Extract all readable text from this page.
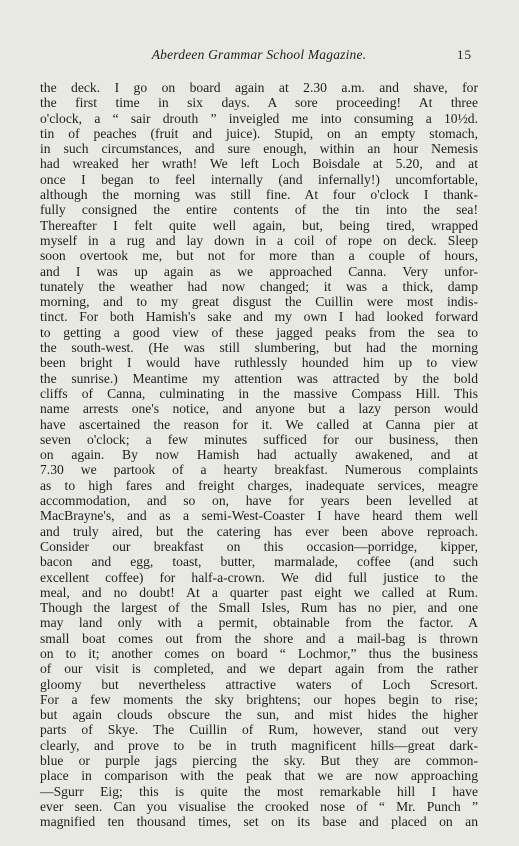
Aberdeen Grammar School Magazine.	15
the deck. I go on board again at 2.30 a.m. and shave, for
the first time in six days. A sore proceeding! At three
o'clock, a “ sair drouth ” inveigled me into consuming a 10½d.
tin of peaches (fruit and juice). Stupid, on an empty stomach,
in such circumstances, and sure enough, within an hour Nemesis
had wreaked her wrath! We left Loch Boisdale at 5.20, and at
once I began to feel internally (and infernally!) uncomfortable,
although the morning was still fine. At four o'clock I thank-
fully consigned the entire contents of the tin into the sea!
Thereafter I felt quite well again, but, being tired, wrapped
myself in a rug and lay down in a coil of rope on deck. Sleep
soon overtook me, but not for more than a couple of hours,
and I was up again as we approached Canna. Very unfor-
tunately the weather had now changed; it was a thick, damp
morning, and to my great disgust the Cuillin were most indis-
tinct. For both Hamish's sake and my own I had looked forward
to getting a good view of these jagged peaks from the sea to
the south-west. (He was still slumbering, but had the morning
been bright I would have ruthlessly hounded him up to view
the sunrise.) Meantime my attention was attracted by the bold
cliffs of Canna, culminating in the massive Compass Hill. This
name arrests one's notice, and anyone but a lazy person would
have ascertained the reason for it. We called at Canna pier at
seven o'clock; a few minutes sufficed for our business, then
on again. By now Hamish had actually awakened, and at
7.30 we partook of a hearty breakfast. Numerous complaints
as to high fares and freight charges, inadequate services, meagre
accommodation, and so on, have for years been levelled at
MacBrayne's, and as a semi-West-Coaster I have heard them well
and truly aired, but the catering has ever been above reproach.
Consider our breakfast on this occasion—porridge, kipper,
bacon and egg, toast, butter, marmalade, coffee (and such
excellent coffee) for half-a-crown. We did full justice to the
meal, and no doubt! At a quarter past eight we called at Rum.
Though the largest of the Small Isles, Rum has no pier, and one
may land only with a permit, obtainable from the factor. A
small boat comes out from the shore and a mail-bag is thrown
on to it; another comes on board “ Lochmor,” thus the business
of our visit is completed, and we depart again from the rather
gloomy but nevertheless attractive waters of Loch Scresort.
For a few moments the sky brightens; our hopes begin to rise;
but again clouds obscure the sun, and mist hides the higher
parts of Skye. The Cuillin of Rum, however, stand out very
clearly, and prove to be in truth magnificent hills—great dark-
blue or purple jags piercing the sky. But they are common-
place in comparison with the peak that we are now approaching
—Sgurr Eig; this is quite the most remarkable hill I have
ever seen. Can you visualise the crooked nose of “ Mr. Punch ”
magnified ten thousand times, set on its base and placed on an
